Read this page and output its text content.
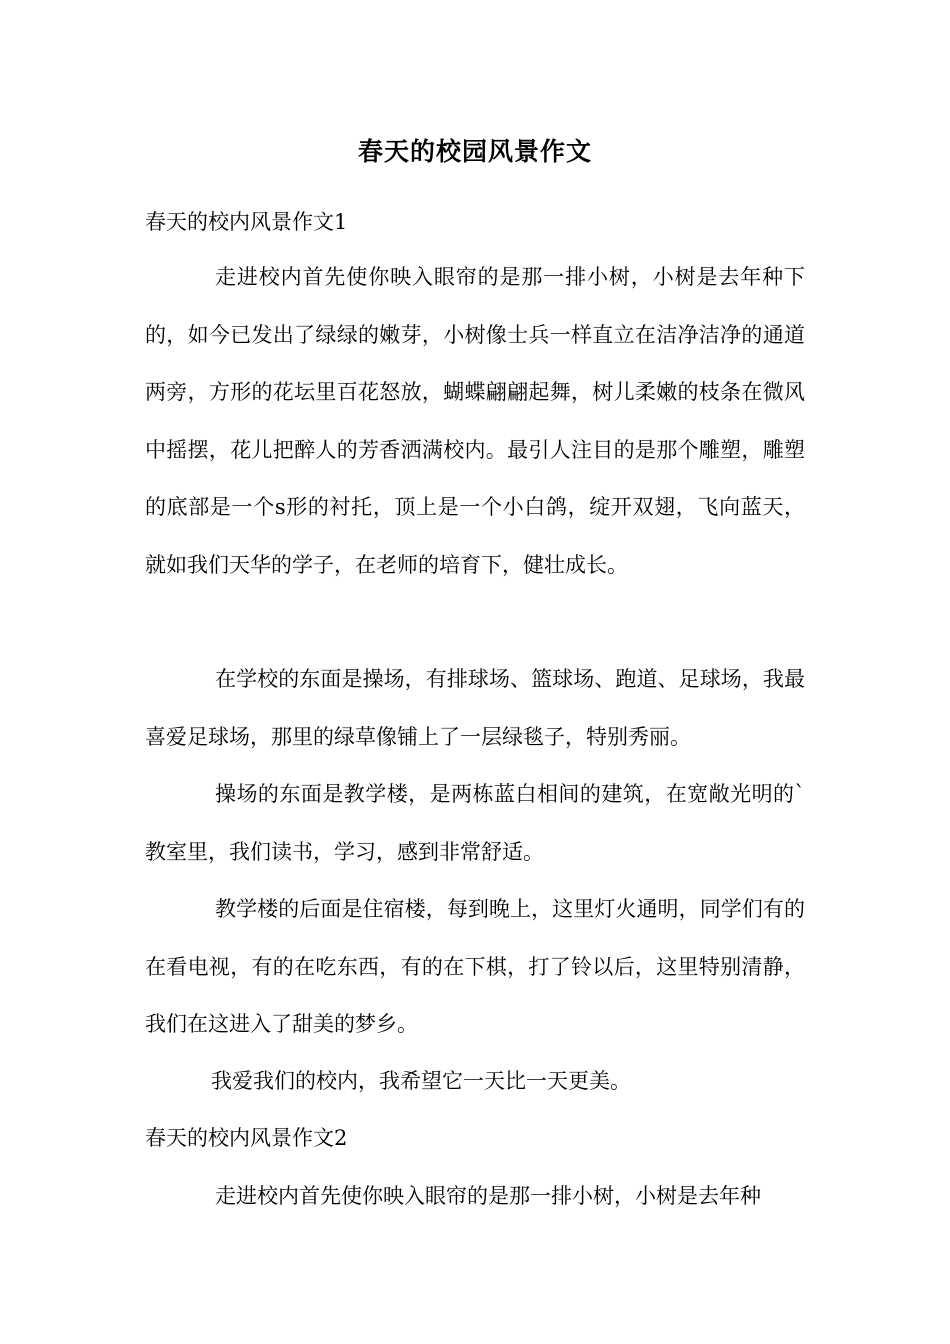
春天的校园风景作文
春天的校内风景作文1

走进校内首先使你映入眼帘的是那一排小树，小树是去年种下的，如今已发出了绿绿的嫩芽，小树像士兵一样直立在洁净洁净的通道两旁，方形的花坛里百花怒放，蝴蝶翩翩起舞，树儿柔嫩的枝条在微风中摇摆，花儿把醉人的芳香洒满校内。最引人注目的是那个雕塑，雕塑的底部是一个s形的衬托，顶上是一个小白鸽，绽开双翅，飞向蓝天，就如我们天华的学子，在老师的培育下，健壮成长。

在学校的东面是操场，有排球场、篮球场、跑道、足球场，我最喜爱足球场，那里的绿草像铺上了一层绿毯子，特别秀丽。

操场的东面是教学楼，是两栋蓝白相间的建筑，在宽敞光明的`教室里，我们读书，学习，感到非常舒适。

教学楼的后面是住宿楼，每到晚上，这里灯火通明，同学们有的在看电视，有的在吃东西，有的在下棋，打了铃以后，这里特别清静，我们在这进入了甜美的梦乡。

我爱我们的校内，我希望它一天比一天更美。

春天的校内风景作文2

走进校内首先使你映入眼帘的是那一排小树，小树是去年种
